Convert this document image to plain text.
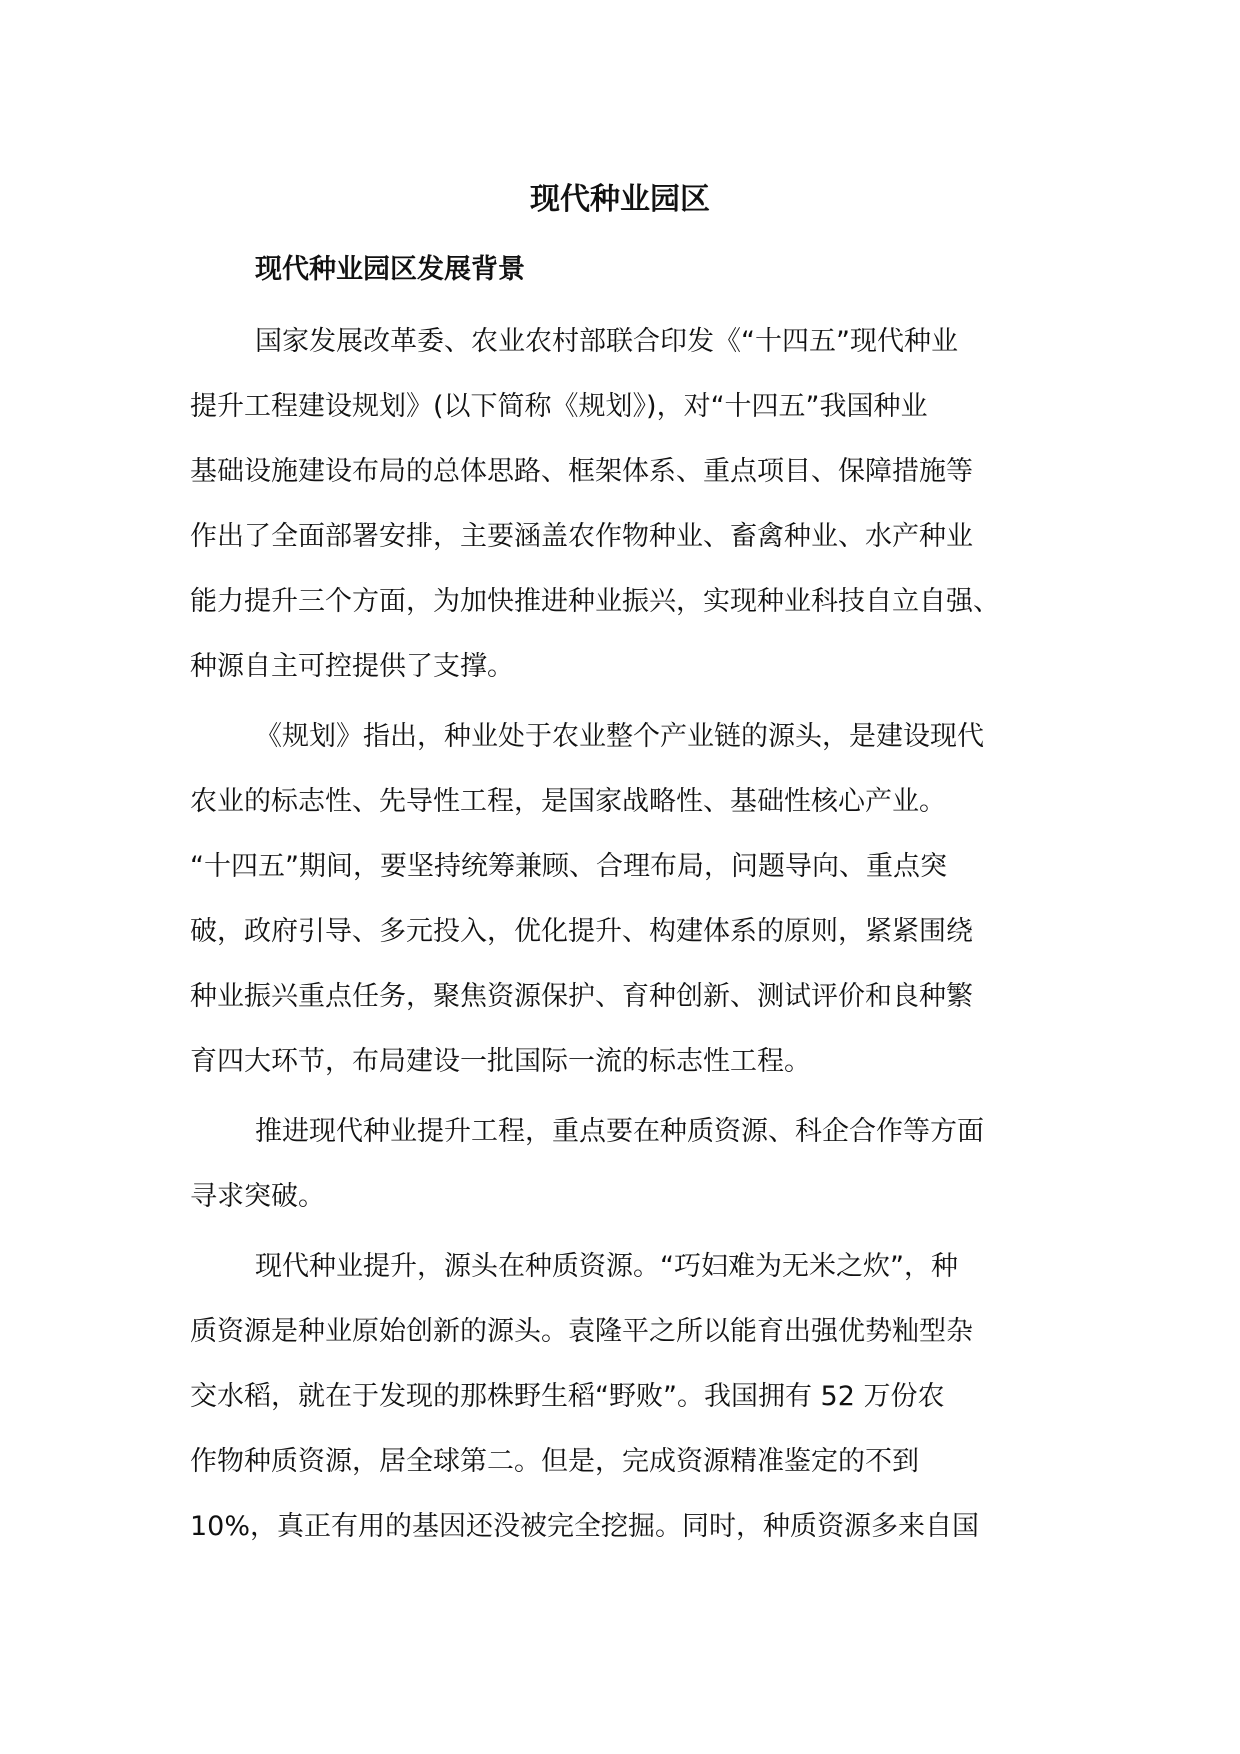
现代种业园区
现代种业园区发展背景
国家发展改革委、农业农村部联合印发《“十四五”现代种业
提升工程建设规划》(以下简称《规划》)，对“十四五”我国种业
基础设施建设布局的总体思路、框架体系、重点项目、保障措施等
作出了全面部署安排，主要涵盖农作物种业、畜禽种业、水产种业
能力提升三个方面，为加快推进种业振兴，实现种业科技自立自强、
种源自主可控提供了支撑。
《规划》指出，种业处于农业整个产业链的源头，是建设现代
农业的标志性、先导性工程，是国家战略性、基础性核心产业。
“十四五”期间，要坚持统筹兼顾、合理布局，问题导向、重点突
破，政府引导、多元投入，优化提升、构建体系的原则，紧紧围绕
种业振兴重点任务，聚焦资源保护、育种创新、测试评价和良种繁
育四大环节，布局建设一批国际一流的标志性工程。
推进现代种业提升工程，重点要在种质资源、科企合作等方面
寻求突破。
现代种业提升，源头在种质资源。“巧妇难为无米之炊”，种
质资源是种业原始创新的源头。袁隆平之所以能育出强优势籼型杂
交水稻，就在于发现的那株野生稻“野败”。我国拥有 52 万份农
作物种质资源，居全球第二。但是，完成资源精准鉴定的不到
10%，真正有用的基因还没被完全挖掘。同时，种质资源多来自国
